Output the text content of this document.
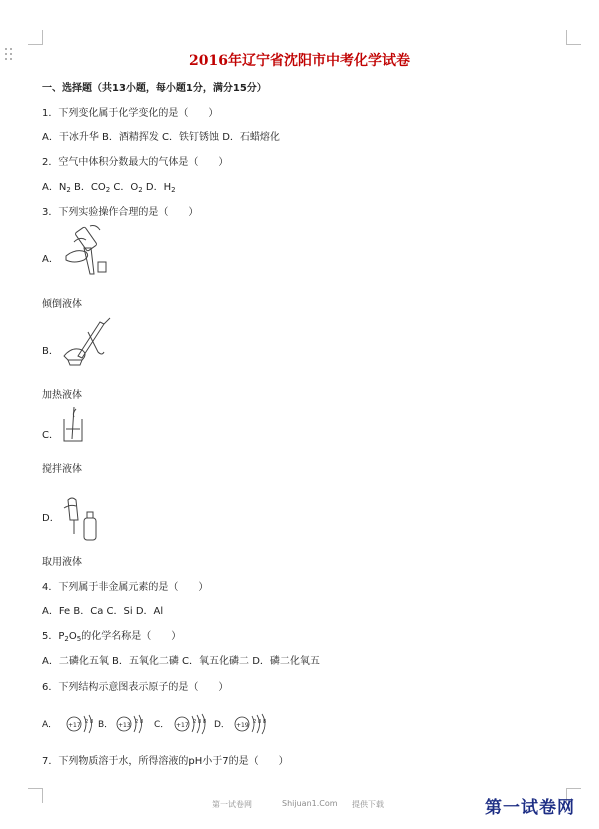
2016年辽宁省沈阳市中考化学试卷
一、选择题（共13小题，每小题1分，满分15分）
1．下列变化属于化学变化的是（　　）
A．干冰升华 B．酒精挥发 C．铁钉锈蚀 D．石蜡熔化
2．空气中体积分数最大的气体是（　　）
A．$N_2$ B．$CO_2$ C．$O_2$ D．$H_2$
3．下列实验操作合理的是（　　）
A．
倾倒液体
B．
加热液体
C．
搅拌液体
D．
取用液体
4．下列属于非金属元素的是（　　）
A．Fe B．Ca C．Si D．Al
5．$P_2O_5$的化学名称是（　　）
A．二磷化五氧 B．五氧化二磷 C．氧五化磷二 D．磷二化氧五
6．下列结构示意图表示原子的是（　　）
A． +17 2 8 B． +13 2 8 C． +17 2 8 8 D． +19 2 8 8
7．下列物质溶于水，所得溶液的pH小于7的是（　　）
第一试卷网	Shijuan1.Com 提供下载	第一试卷网
